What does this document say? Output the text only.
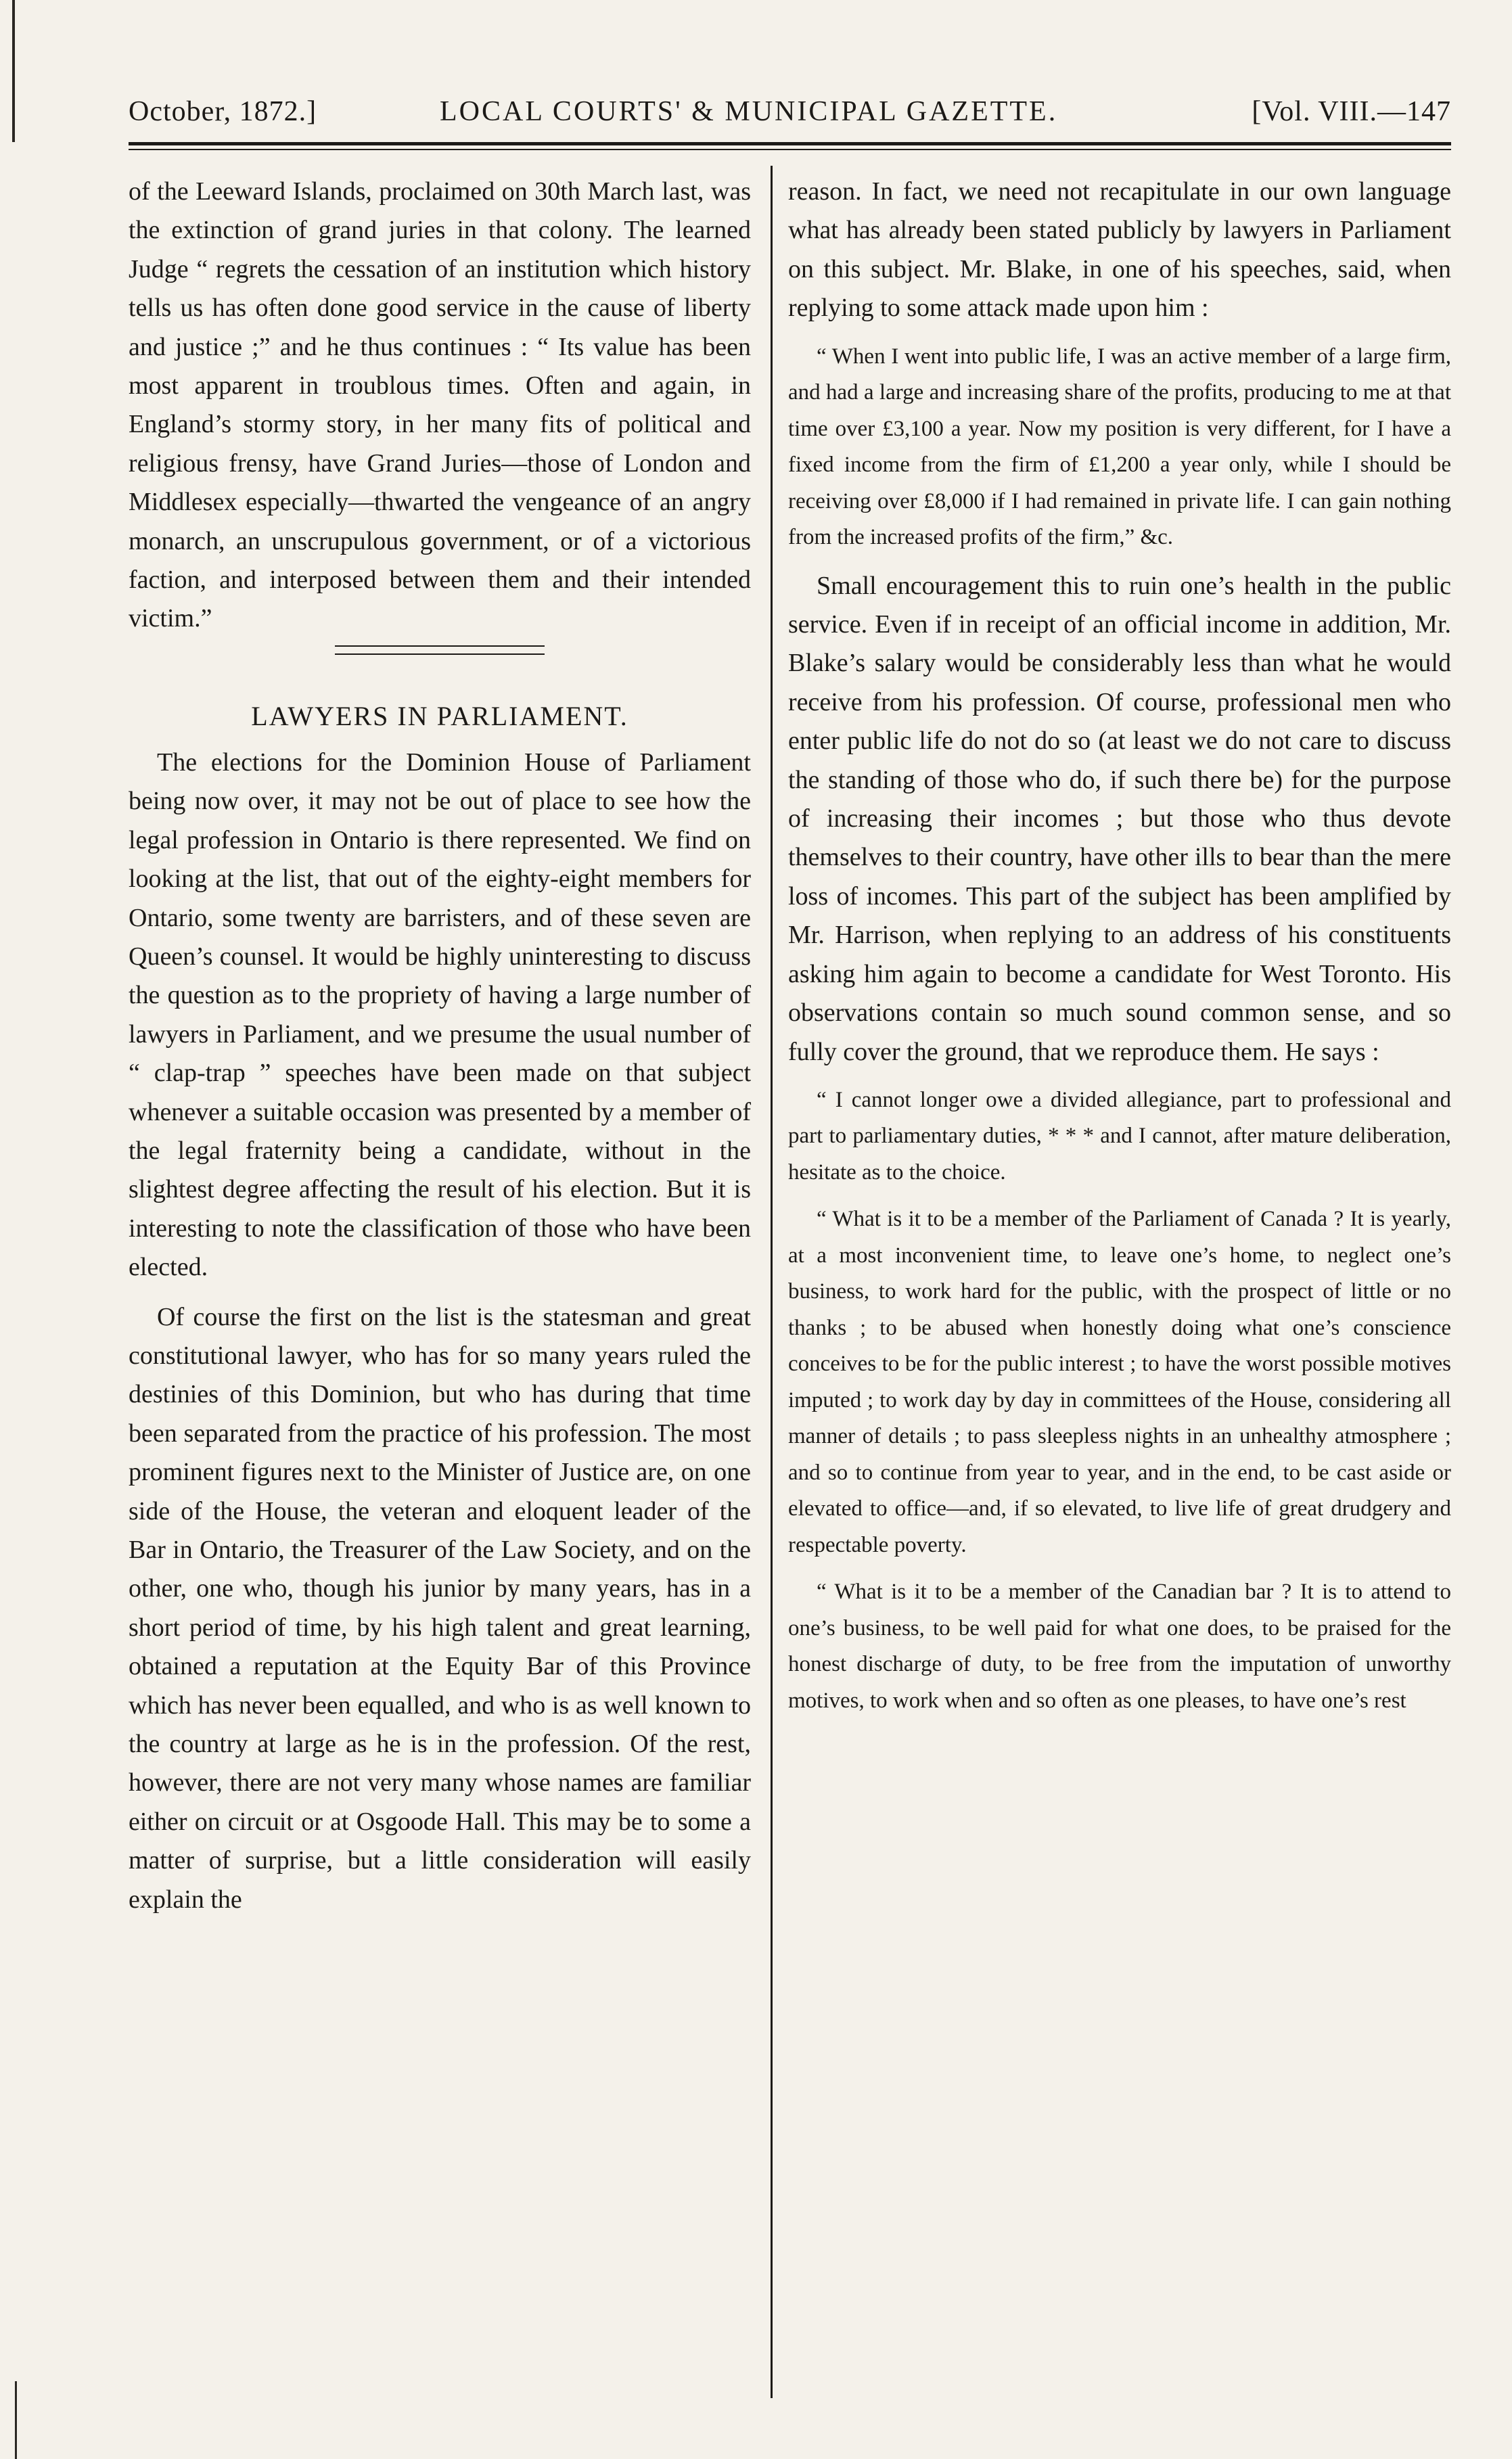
October, 1872.]	LOCAL COURTS' & MUNICIPAL GAZETTE.	[Vol. VIII.—147

of the Leeward Islands, proclaimed on 30th March last, was the extinction of grand juries in that colony. The learned Judge “ regrets the cessation of an institution which history tells us has often done good service in the cause of liberty and justice ;” and he thus continues : “ Its value has been most apparent in troublous times. Often and again, in England’s stormy story, in her many fits of political and religious frensy, have Grand Juries—those of London and Middlesex especially—thwarted the vengeance of an angry monarch, an unscrupulous government, or of a victorious faction, and interposed between them and their intended victim.”

LAWYERS IN PARLIAMENT.

The elections for the Dominion House of Parliament being now over, it may not be out of place to see how the legal profession in Ontario is there represented. We find on looking at the list, that out of the eighty-eight members for Ontario, some twenty are barristers, and of these seven are Queen’s counsel. It would be highly uninteresting to discuss the question as to the propriety of having a large number of lawyers in Parliament, and we presume the usual number of “ clap-trap ” speeches have been made on that subject whenever a suitable occasion was presented by a member of the legal fraternity being a candidate, without in the slightest degree affecting the result of his election. But it is interesting to note the classification of those who have been elected.

Of course the first on the list is the statesman and great constitutional lawyer, who has for so many years ruled the destinies of this Dominion, but who has during that time been separated from the practice of his profession. The most prominent figures next to the Minister of Justice are, on one side of the House, the veteran and eloquent leader of the Bar in Ontario, the Treasurer of the Law Society, and on the other, one who, though his junior by many years, has in a short period of time, by his high talent and great learning, obtained a reputation at the Equity Bar of this Province which has never been equalled, and who is as well known to the country at large as he is in the profession. Of the rest, however, there are not very many whose names are familiar either on circuit or at Osgoode Hall. This may be to some a matter of surprise, but a little consideration will easily explain the

reason. In fact, we need not recapitulate in our own language what has already been stated publicly by lawyers in Parliament on this subject. Mr. Blake, in one of his speeches, said, when replying to some attack made upon him :

“ When I went into public life, I was an active member of a large firm, and had a large and increasing share of the profits, producing to me at that time over £3,100 a year. Now my position is very different, for I have a fixed income from the firm of £1,200 a year only, while I should be receiving over £8,000 if I had remained in private life. I can gain nothing from the increased profits of the firm,” &c.

Small encouragement this to ruin one’s health in the public service. Even if in receipt of an official income in addition, Mr. Blake’s salary would be considerably less than what he would receive from his profession. Of course, professional men who enter public life do not do so (at least we do not care to discuss the standing of those who do, if such there be) for the purpose of increasing their incomes ; but those who thus devote themselves to their country, have other ills to bear than the mere loss of incomes. This part of the subject has been amplified by Mr. Harrison, when replying to an address of his constituents asking him again to become a candidate for West Toronto. His observations contain so much sound common sense, and so fully cover the ground, that we reproduce them. He says :

“ I cannot longer owe a divided allegiance, part to professional and part to parliamentary duties, * * * and I cannot, after mature deliberation, hesitate as to the choice.

“ What is it to be a member of the Parliament of Canada ? It is yearly, at a most inconvenient time, to leave one’s home, to neglect one’s business, to work hard for the public, with the prospect of little or no thanks ; to be abused when honestly doing what one’s conscience conceives to be for the public interest ; to have the worst possible motives imputed ; to work day by day in committees of the House, considering all manner of details ; to pass sleepless nights in an unhealthy atmosphere ; and so to continue from year to year, and in the end, to be cast aside or elevated to office—and, if so elevated, to live life of great drudgery and respectable poverty.

“ What is it to be a member of the Canadian bar ? It is to attend to one’s business, to be well paid for what one does, to be praised for the honest discharge of duty, to be free from the imputation of unworthy motives, to work when and so often as one pleases, to have one’s rest
